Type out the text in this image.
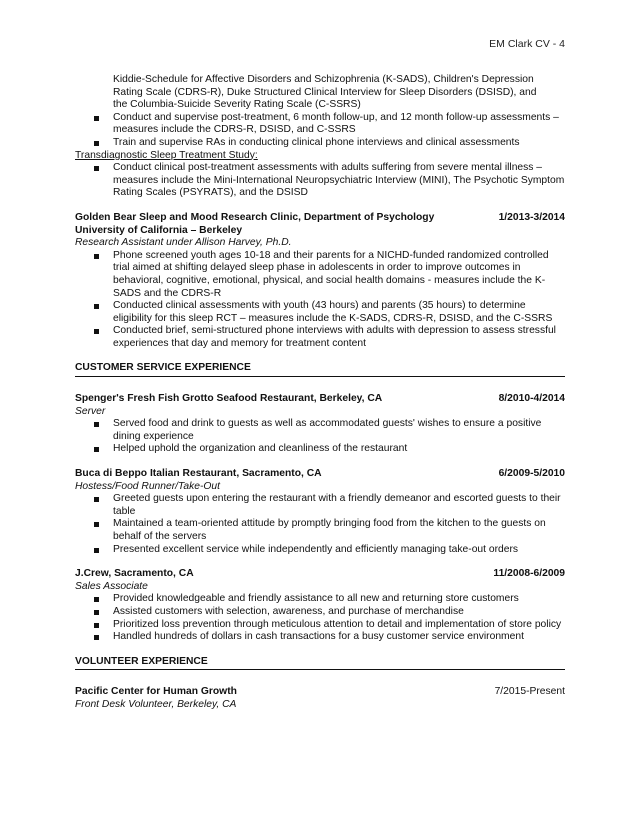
EM Clark CV - 4
Kiddie-Schedule for Affective Disorders and Schizophrenia (K-SADS), Children's Depression
Rating Scale (CDRS-R), Duke Structured Clinical Interview for Sleep Disorders (DSISD), and
the Columbia-Suicide Severity Rating Scale (C-SSRS)
Conduct and supervise post-treatment, 6 month follow-up, and 12 month follow-up assessments – measures include the CDRS-R, DSISD, and C-SSRS
Train and supervise RAs in conducting clinical phone interviews and clinical assessments
Transdiagnostic Sleep Treatment Study:
Conduct clinical post-treatment assessments with adults suffering from severe mental illness – measures include the Mini-International Neuropsychiatric Interview (MINI), The Psychotic Symptom Rating Scales (PSYRATS), and the DSISD
Golden Bear Sleep and Mood Research Clinic, Department of Psychology	1/2013-3/2014
University of California – Berkeley
Research Assistant under Allison Harvey, Ph.D.
Phone screened youth ages 10-18 and their parents for a NICHD-funded randomized controlled trial aimed at shifting delayed sleep phase in adolescents in order to improve outcomes in behavioral, cognitive, emotional, physical, and social health domains - measures include the K-SADS and the CDRS-R
Conducted clinical assessments with youth (43 hours) and parents (35 hours) to determine eligibility for this sleep RCT – measures include the K-SADS, CDRS-R, DSISD, and the C-SSRS
Conducted brief, semi-structured phone interviews with adults with depression to assess stressful experiences that day and memory for treatment content
CUSTOMER SERVICE EXPERIENCE
Spenger's Fresh Fish Grotto Seafood Restaurant, Berkeley, CA	8/2010-4/2014
Server
Served food and drink to guests as well as accommodated guests' wishes to ensure a positive dining experience
Helped uphold the organization and cleanliness of the restaurant
Buca di Beppo Italian Restaurant, Sacramento, CA	6/2009-5/2010
Hostess/Food Runner/Take-Out
Greeted guests upon entering the restaurant with a friendly demeanor and escorted guests to their table
Maintained a team-oriented attitude by promptly bringing food from the kitchen to the guests on behalf of the servers
Presented excellent service while independently and efficiently managing take-out orders
J.Crew, Sacramento, CA	11/2008-6/2009
Sales Associate
Provided knowledgeable and friendly assistance to all new and returning store customers
Assisted customers with selection, awareness, and purchase of merchandise
Prioritized loss prevention through meticulous attention to detail and implementation of store policy
Handled hundreds of dollars in cash transactions for a busy customer service environment
VOLUNTEER EXPERIENCE
Pacific Center for Human Growth	7/2015-Present
Front Desk Volunteer, Berkeley, CA
